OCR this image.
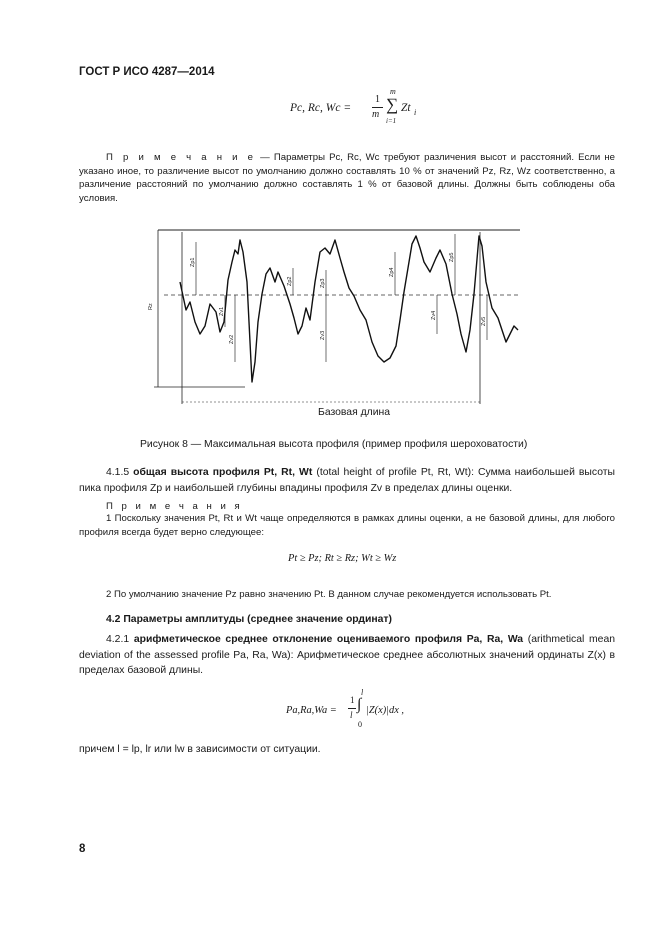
ГОСТ Р ИСО 4287—2014
Pc, Rc, Wc =
1
m
m
∑
i=1
Zt i
П р и м е ч а н и е — Параметры Pc, Rc, Wc требуют различения высот и расстояний. Если не указано иное, то различение высот по умолчанию должно составлять 10 % от значений Pz, Rz, Wz соответственно, а различение расстояний по умолчанию должно составлять 1 % от базовой длины. Должны быть соблюдены оба условия.
Rz
Zp1
Zp2	Zp3
Zp4
Zp5
Zv1
Zv2	Zv3
Zv4
Zv5
Базовая длина
Рисунок 8 — Максимальная высота профиля (пример профиля шероховатости)
4.1.5 общая высота профиля Pt, Rt, Wt (total height of profile Pt, Rt, Wt): Сумма наибольшей высоты пика профиля Zp и наибольшей глубины впадины профиля Zv в пределах длины оценки.
П р и м е ч а н и я
1 Поскольку значения Pt, Rt и Wt чаще определяются в рамках длины оценки, а не базовой длины, для любого профиля всегда будет верно следующее:
Pt ≥ Pz; Rt ≥ Rz; Wt ≥ Wz
2 По умолчанию значение Pz равно значению Pt. В данном случае рекомендуется использовать Pt.
4.2 Параметры амплитуды (среднее значение ординат)
4.2.1 арифметическое среднее отклонение оцениваемого профиля Pa, Ra, Wa (arithmetical mean deviation of the assessed profile Pa, Ra, Wa): Арифметическое среднее абсолютных значений ординаты Z(x) в пределах базовой длины.
Pa,Ra,Wa =
1
l
l
∫
0
|Z(x)|dx ,
причем l = lp, lr или lw в зависимости от ситуации.
8
